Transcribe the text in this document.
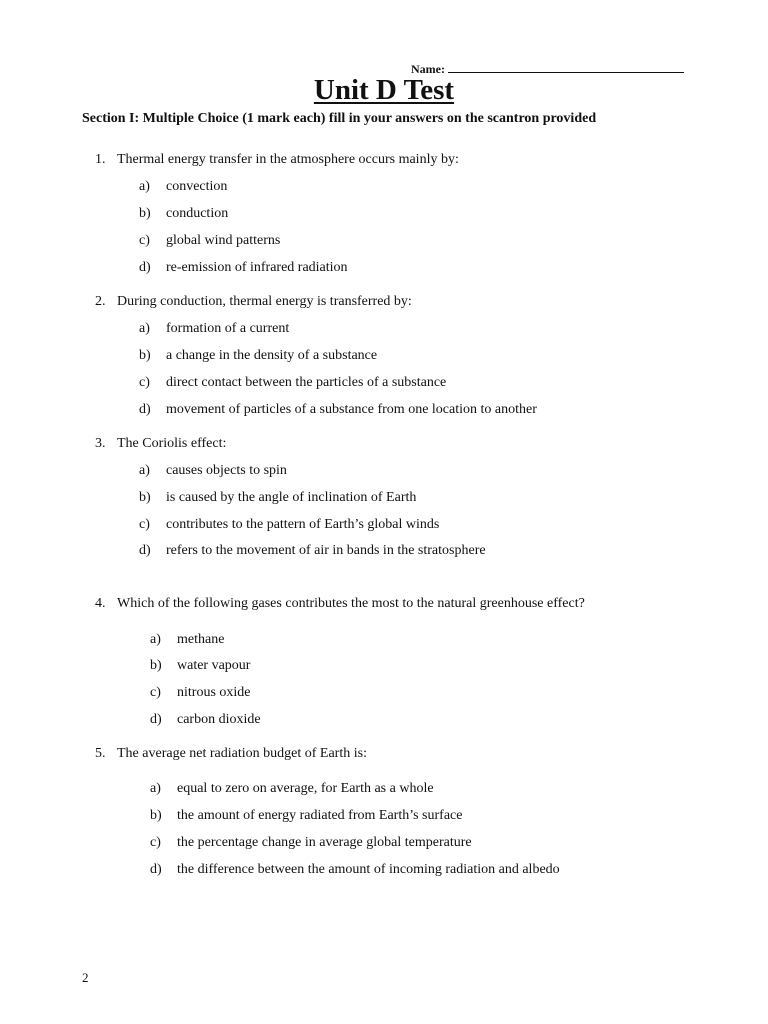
Name:
Unit D Test
Section I: Multiple Choice (1 mark each) fill in your answers on the scantron provided
1. Thermal energy transfer in the atmosphere occurs mainly by:
a) convection
b) conduction
c) global wind patterns
d) re-emission of infrared radiation
2. During conduction, thermal energy is transferred by:
a) formation of a current
b) a change in the density of a substance
c) direct contact between the particles of a substance
d) movement of particles of a substance from one location to another
3. The Coriolis effect:
a) causes objects to spin
b) is caused by the angle of inclination of Earth
c) contributes to the pattern of Earth’s global winds
d) refers to the movement of air in bands in the stratosphere
4. Which of the following gases contributes the most to the natural greenhouse effect?
a) methane
b) water vapour
c) nitrous oxide
d) carbon dioxide
5. The average net radiation budget of Earth is:
a) equal to zero on average, for Earth as a whole
b) the amount of energy radiated from Earth’s surface
c) the percentage change in average global temperature
d) the difference between the amount of incoming radiation and albedo
2
